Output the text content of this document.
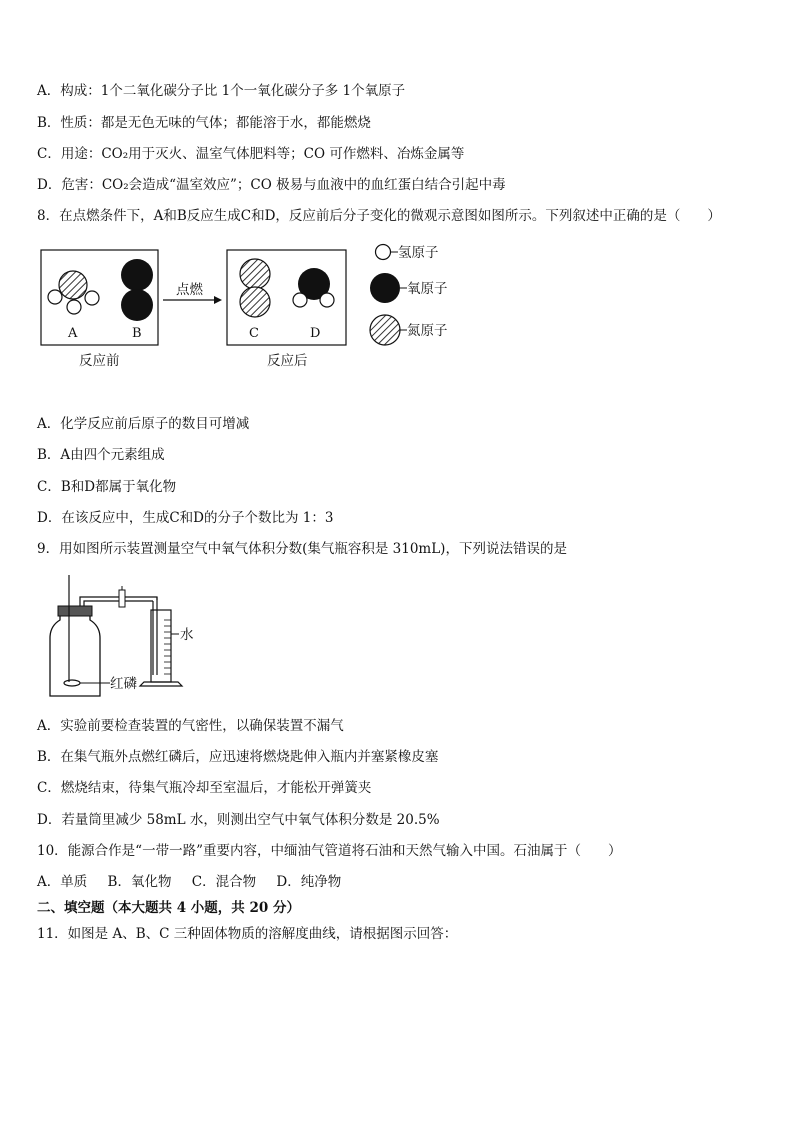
A．构成：1个二氧化碳分子比 1个一氧化碳分子多 1个氧原子
B．性质：都是无色无味的气体；都能溶于水，都能燃烧
C．用途：CO₂用于灭火、温室气体肥料等；CO 可作燃料、冶炼金属等
D．危害：CO₂会造成“温室效应”；CO 极易与血液中的血红蛋白结合引起中毒
8．在点燃条件下，A和B反应生成C和D，反应前后分子变化的微观示意图如图所示。下列叙述中正确的是（　　）
A	B
反应前
点燃
C	D
反应后
氢原子
氧原子
氮原子
A．化学反应前后原子的数目可增减
B．A由四个元素组成
C．B和D都属于氧化物
D．在该反应中，生成C和D的分子个数比为 1：3
9．用如图所示装置测量空气中氧气体积分数(集气瓶容积是 310mL)，下列说法错误的是
水
红磷
A．实验前要检查装置的气密性，以确保装置不漏气
B．在集气瓶外点燃红磷后，应迅速将燃烧匙伸入瓶内并塞紧橡皮塞
C．燃烧结束，待集气瓶冷却至室温后，才能松开弹簧夹
D．若量筒里减少 58mL 水，则测出空气中氧气体积分数是 20.5%
10．能源合作是“一带一路”重要内容，中缅油气管道将石油和天然气输入中国。石油属于（　　）
A．单质 B．氧化物 C．混合物 D．纯净物
二、填空题（本大题共 4 小题，共 20 分）
11．如图是 A、B、C 三种固体物质的溶解度曲线，请根据图示回答：
